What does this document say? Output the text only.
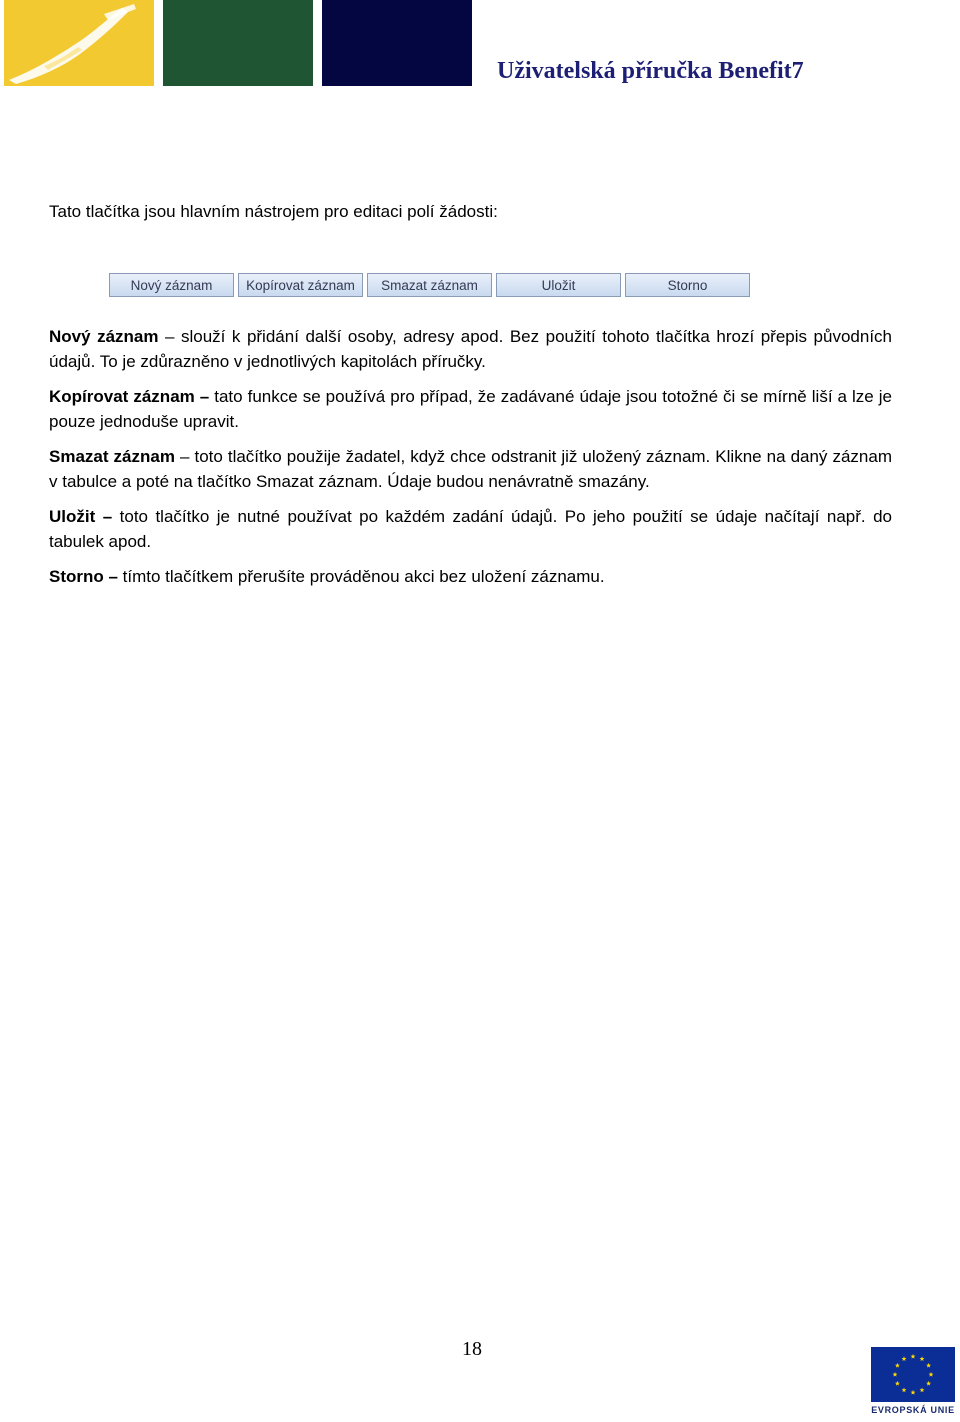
Uživatelská příručka Benefit7
Tato tlačítka jsou hlavním nástrojem pro editaci polí žádosti:
Nový záznam	Kopírovat záznam	Smazat záznam	Uložit	Storno
Nový záznam – slouží k přidání další osoby, adresy apod. Bez použití tohoto tlačítka hrozí přepis původních údajů. To je zdůrazněno v jednotlivých kapitolách příručky.
Kopírovat záznam – tato funkce se používá pro případ, že zadávané údaje jsou totožné či se mírně liší a lze je pouze jednoduše upravit.
Smazat záznam – toto tlačítko použije žadatel, když chce odstranit již uložený záznam. Klikne na daný záznam v tabulce a poté na tlačítko Smazat záznam. Údaje budou nenávratně smazány.
Uložit – toto tlačítko je nutné používat po každém zadání údajů. Po jeho použití se údaje načítají např. do tabulek apod.
Storno – tímto tlačítkem přerušíte prováděnou akci bez uložení záznamu.
18
EVROPSKÁ UNIE
